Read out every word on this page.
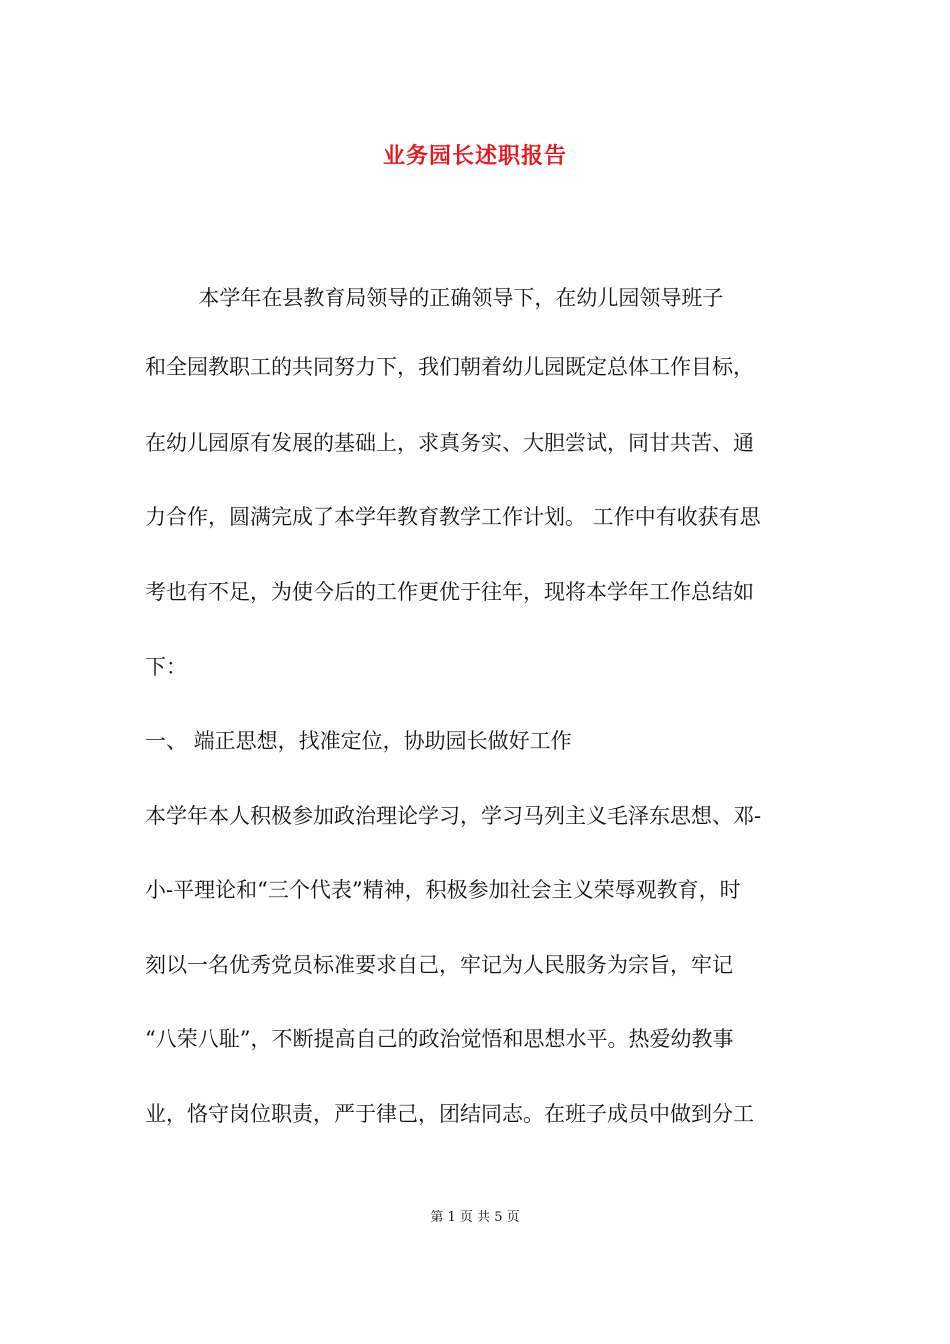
业务园长述职报告

本学年在县教育局领导的正确领导下，在幼儿园领导班子

和全园教职工的共同努力下，我们朝着幼儿园既定总体工作目标，

在幼儿园原有发展的基础上，求真务实、大胆尝试，同甘共苦、通

力合作，圆满完成了本学年教育教学工作计划。 工作中有收获有思

考也有不足，为使今后的工作更优于往年，现将本学年工作总结如

下：

一、 端正思想，找准定位，协助园长做好工作

本学年本人积极参加政治理论学习，学习马列主义毛泽东思想、邓-

小-平理论和“三个代表”精神，积极参加社会主义荣辱观教育，时

刻以一名优秀党员标准要求自己，牢记为人民服务为宗旨，牢记

“八荣八耻”，不断提高自己的政治觉悟和思想水平。热爱幼教事

业，恪守岗位职责，严于律己，团结同志。在班子成员中做到分工

第 1 页 共 5 页
